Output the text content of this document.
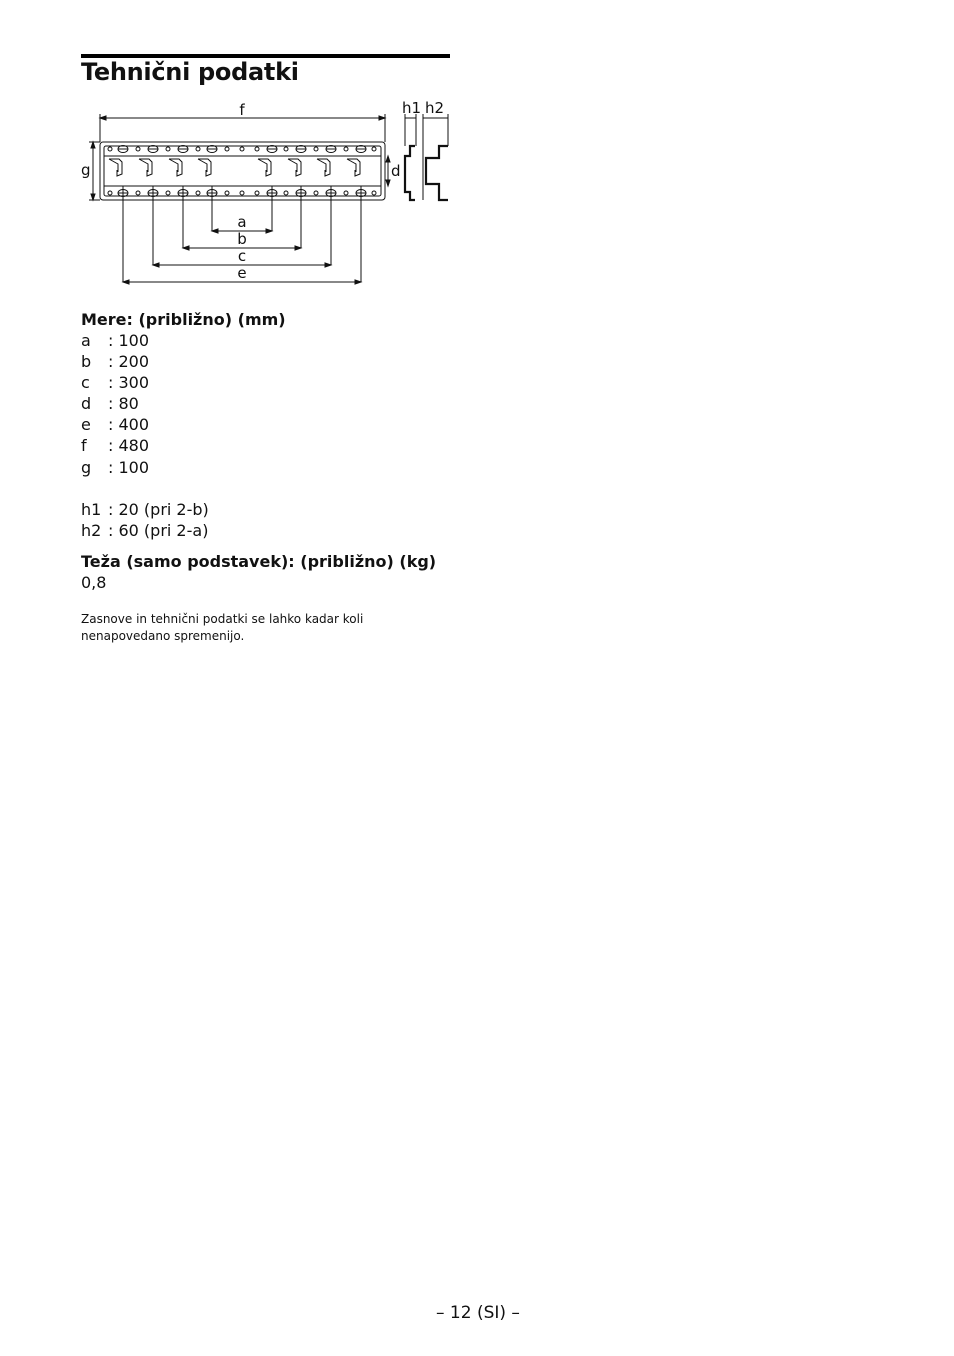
Tehnični podatki
f
g	d
h1 h2
a
b
c
e
Mere: (približno) (mm)
a : 100
b : 200
c : 300
d : 80
e : 400
f : 480
g : 100
h1 : 20 (pri 2-b)
h2 : 60 (pri 2-a)
Teža (samo podstavek): (približno) (kg)
0,8
Zasnove in tehnični podatki se lahko kadar koli nenapovedano spremenijo.
– 12 (SI) –
